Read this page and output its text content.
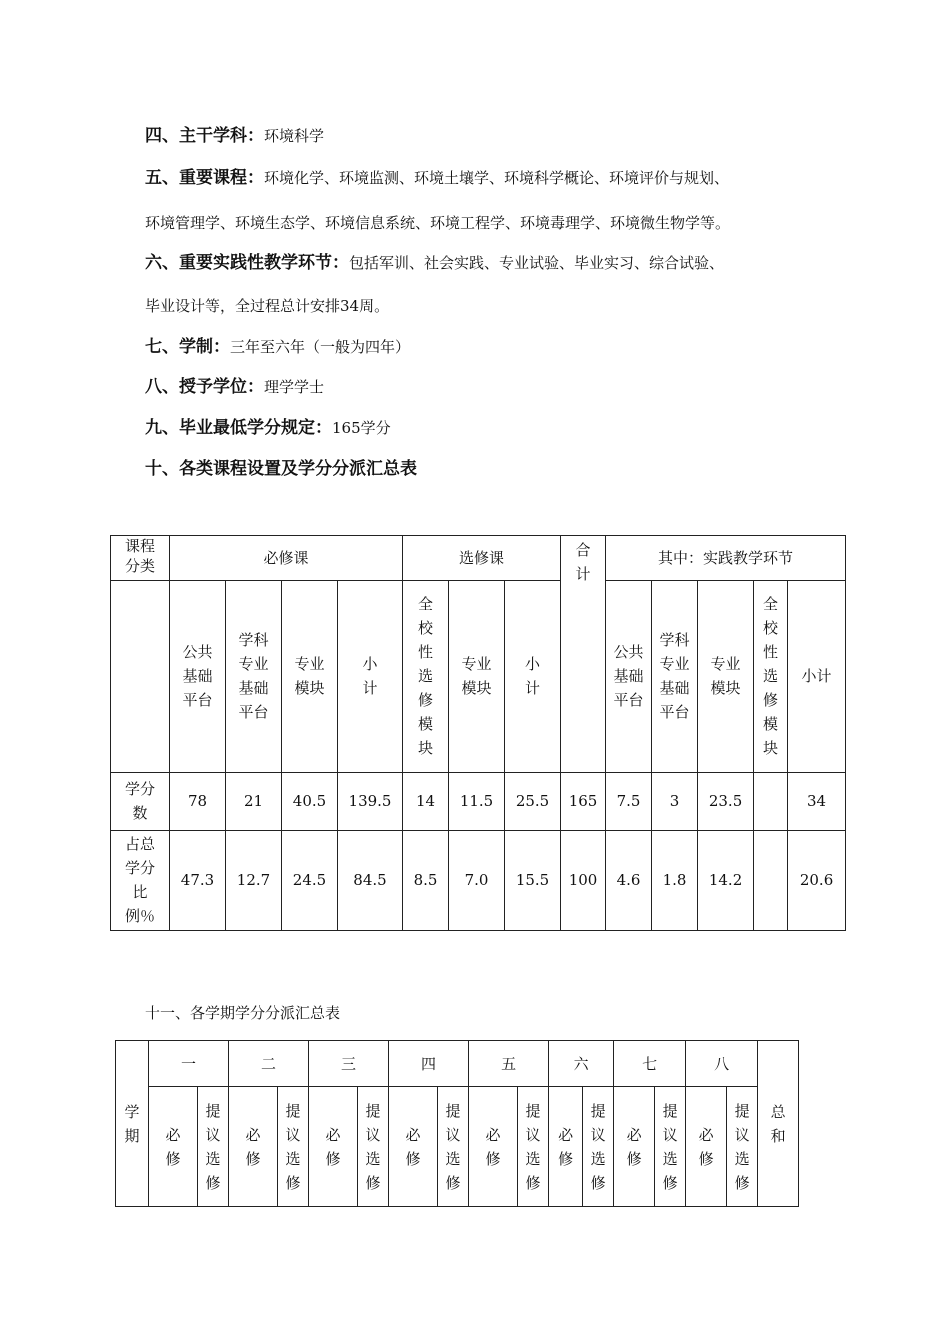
四、主干学科：环境科学
五、重要课程：环境化学、环境监测、环境土壤学、环境科学概论、环境评价与规划、
环境管理学、环境生态学、环境信息系统、环境工程学、环境毒理学、环境微生物学等。
六、重要实践性教学环节：包括军训、社会实践、专业试验、毕业实习、综合试验、
毕业设计等，全过程总计安排34周。
七、学制：三年至六年（一般为四年）
八、授予学位：理学学士
九、毕业最低学分规定：165学分
十、各类课程设置及学分分派汇总表
课程分类	必修课				选修课			合计	其中：实践教学环节				
	公共基础平台	学科专业基础平台	专业模块	小计	全校性选修模块	专业模块	小计		公共基础平台	学科专业基础平台	专业模块	全校性选修模块	小计
学分数	78	21	40.5	139.5	14	11.5	25.5	165	7.5	3	23.5		34
占总学分比例％	47.3	12.7	24.5	84.5	8.5	7.0	15.5	100	4.6	1.8	14.2		20.6
十一、各学期学分分派汇总表
学期	一		二		三		四		五		六		七		八		总和
	必修	提议选修	必修	提议选修	必修	提议选修	必修	提议选修	必修	提议选修	必修	提议选修	必修	提议选修	必修	提议选修	
